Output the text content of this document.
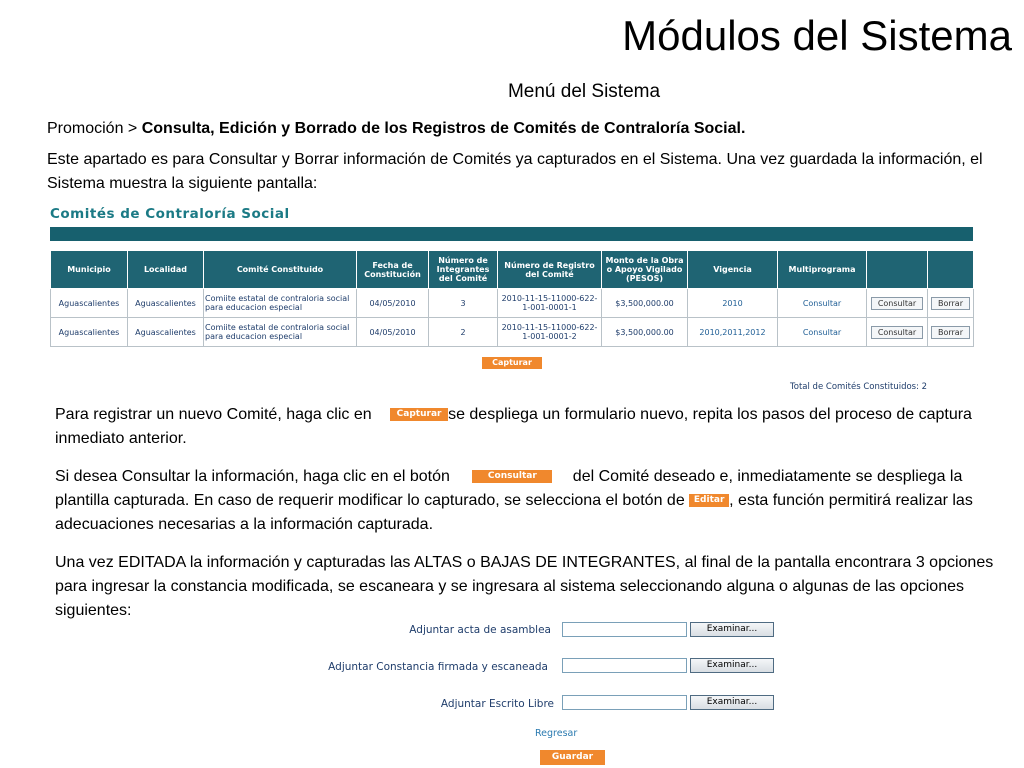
Módulos del Sistema
Menú del Sistema
Promoción > Consulta, Edición y Borrado de los Registros de Comités de Contraloría Social.
Este apartado es para Consultar y Borrar información de Comités ya capturados en el Sistema. Una vez guardada la información, el Sistema muestra la siguiente pantalla:
Comités de Contraloría Social
Municipio	Localidad	Comité Constituido	Fecha de Constitución	Número de Integrantes del Comité	Número de Registro del Comité	Monto de la Obra o Apoyo Vigilado (PESOS)	Vigencia	Multiprograma		
Aguascalientes	Aguascalientes	Comiite estatal de contraloria social para educacion especial	04/05/2010	3	2010-11-15-11000-622-1-001-0001-1	$3,500,000.00	2010	Consultar	Consultar	Borrar
Aguascalientes	Aguascalientes	Comiite estatal de contraloria social para educacion especial	04/05/2010	2	2010-11-15-11000-622-1-001-0001-2	$3,500,000.00	2010,2011,2012	Consultar	Consultar	Borrar
Capturar
Total de Comités Constituidos: 2
Para registrar un nuevo Comité, haga clic en Capturar se despliega un formulario nuevo, repita los pasos del proceso de captura inmediato anterior.
Si desea Consultar la información, haga clic en el botón	Consultar del Comité deseado e, inmediatamente se despliega la plantilla capturada. En caso de requerir modificar lo capturado, se selecciona el botón de Editar , esta función permitirá realizar las adecuaciones necesarias a la información capturada.
Una vez EDITADA la información y capturadas las ALTAS o BAJAS DE INTEGRANTES, al final de la pantalla encontrara 3 opciones para ingresar la constancia modificada, se escaneara y se ingresara al sistema seleccionando alguna o algunas de las opciones siguientes:
Adjuntar acta de asamblea	Examinar...
Adjuntar Constancia firmada y escaneada	Examinar...
Adjuntar Escrito Libre	Examinar...
Regresar
Guardar
